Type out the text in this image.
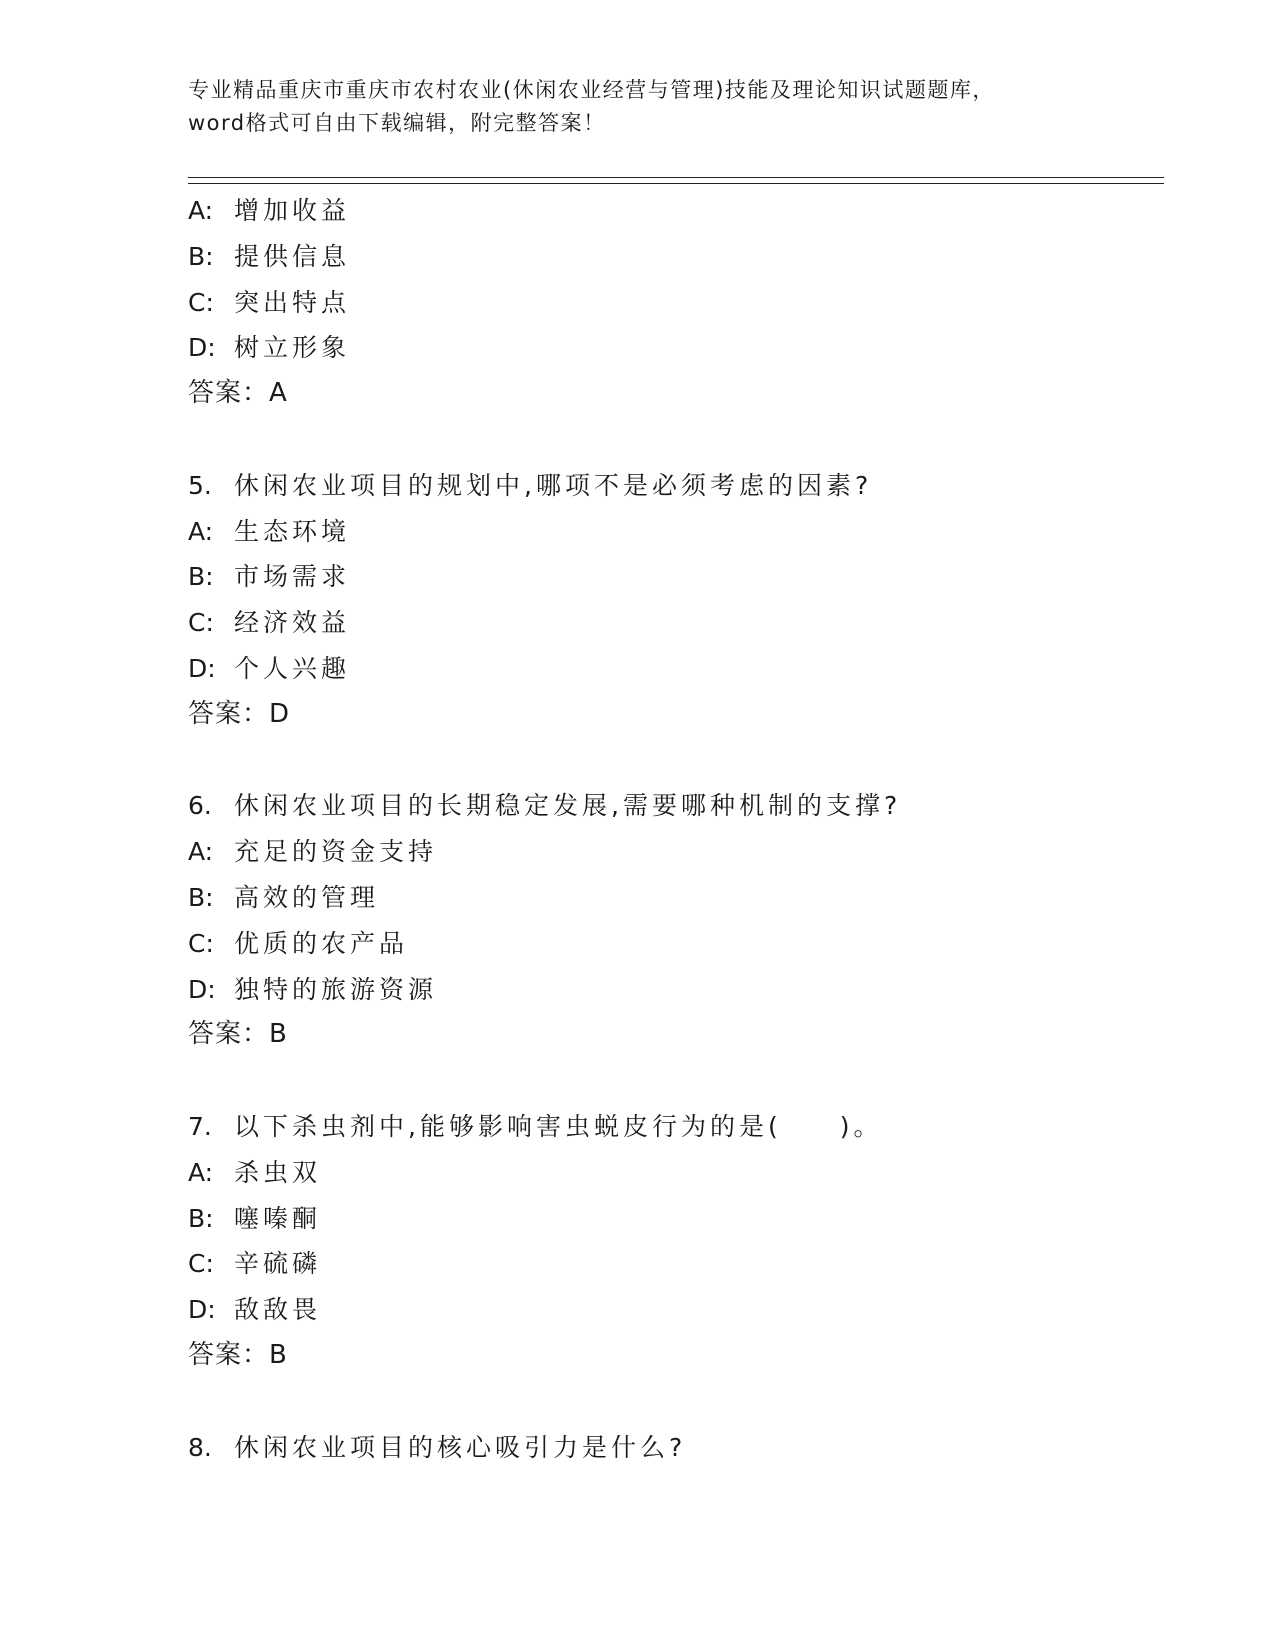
专业精品重庆市重庆市农村农业(休闲农业经营与管理)技能及理论知识试题题库，
word格式可自由下载编辑，附完整答案！
A: 增加收益
B: 提供信息
C: 突出特点
D: 树立形象
答案：A
5. 休闲农业项目的规划中,哪项不是必须考虑的因素?
A: 生态环境
B: 市场需求
C: 经济效益
D: 个人兴趣
答案：D
6. 休闲农业项目的长期稳定发展,需要哪种机制的支撑?
A: 充足的资金支持
B: 高效的管理
C: 优质的农产品
D: 独特的旅游资源
答案：B
7. 以下杀虫剂中,能够影响害虫蜕皮行为的是(　　)。
A: 杀虫双
B: 噻嗪酮
C: 辛硫磷
D: 敌敌畏
答案：B
8. 休闲农业项目的核心吸引力是什么?
